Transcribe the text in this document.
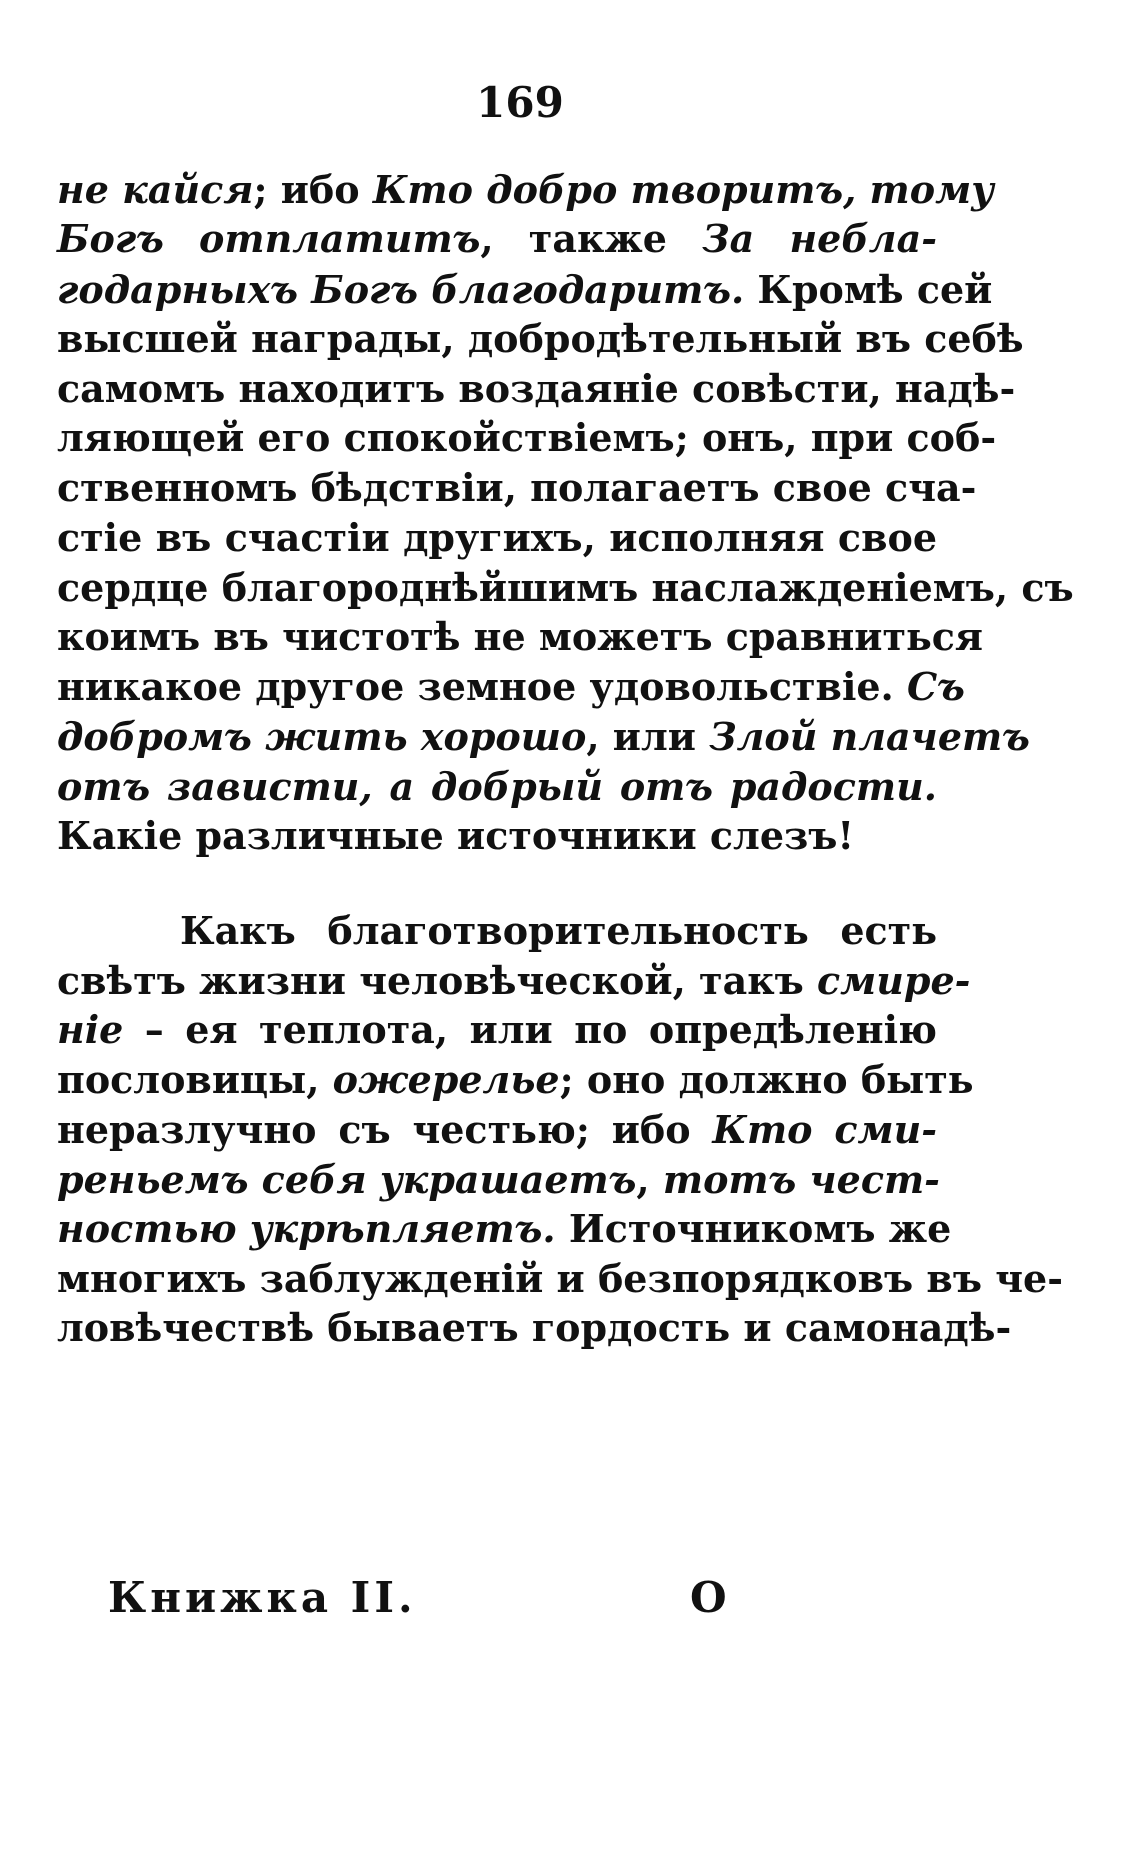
169
не кайся; ибо Кто добро творитъ, тому
Богъ отплатитъ, также За небла-
годарныхъ Богъ благодаритъ. Кромѣ сей
высшей награды, добродѣтельный въ себѣ
самомъ находитъ воздаяніе совѣсти, надѣ-
ляющей его спокойствіемъ; онъ, при соб-
ственномъ бѣдствіи, полагаетъ свое сча-
стіе въ счастіи другихъ, исполняя свое
сердце благороднѣйшимъ наслажденіемъ, съ
коимъ въ чистотѣ не можетъ сравниться
никакое другое земное удовольствіе. Съ
добромъ жить хорошо, или Злой плачетъ
отъ зависти, а добрый отъ радости.
Какіе различные источники слезъ!
Какъ благотворительность есть
свѣтъ жизни человѣческой, такъ смире-
ніе – ея теплота, или по опредѣленію
пословицы, ожерелье; оно должно быть
неразлучно съ честью; ибо Кто сми-
реньемъ себя украшаетъ, тотъ чест-
ностью укрѣпляетъ. Источникомъ же
многихъ заблужденій и безпорядковъ въ че-
ловѣчествѣ бываетъ гордость и самонадѣ-
Книжка II.	О
